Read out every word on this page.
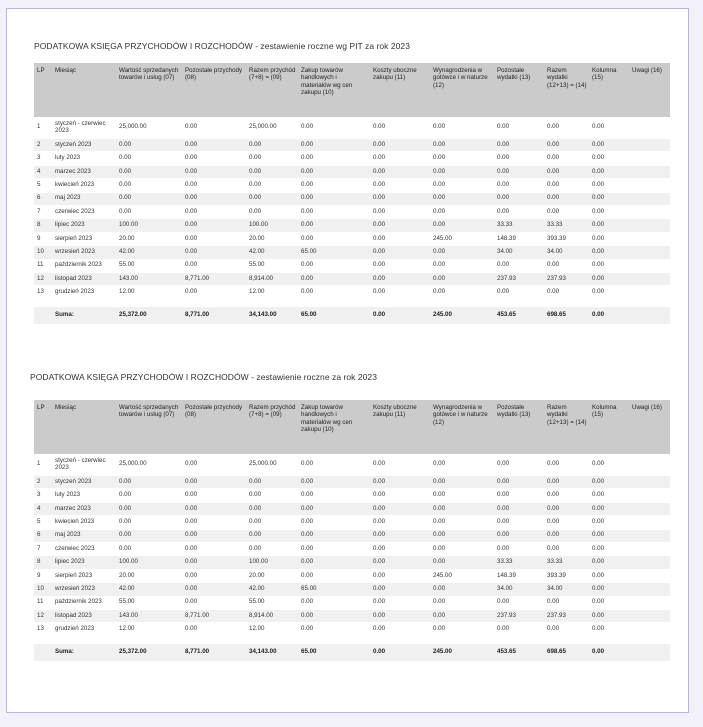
PODATKOWA KSIĘGA PRZYCHODÓW I ROZCHODÓW - zestawienie roczne wg PIT za rok 2023
LP	Miesiąc	Wartość sprzedanych towarów i usług (07)	Pozostałe przychody (08)	Razem przychód (7+8) = (09)	Zakup towarów handlowych i materiałów wg cen zakupu (10)	Koszty uboczne zakupu (11)	Wynagrodzenia w gotówce i w naturze (12)	Pozostałe wydatki (13)	Razem wydatki (12+13) = (14)	Kolumna (15)	Uwagi (16)
1	styczeń - czerwiec 2023	25,000.00	0.00	25,000.00	0.00	0.00	0.00	0.00	0.00	0.00	
2	styczeń 2023	0.00	0.00	0.00	0.00	0.00	0.00	0.00	0.00	0.00	
3	luty 2023	0.00	0.00	0.00	0.00	0.00	0.00	0.00	0.00	0.00	
4	marzec 2023	0.00	0.00	0.00	0.00	0.00	0.00	0.00	0.00	0.00	
5	kwiecień 2023	0.00	0.00	0.00	0.00	0.00	0.00	0.00	0.00	0.00	
6	maj 2023	0.00	0.00	0.00	0.00	0.00	0.00	0.00	0.00	0.00	
7	czerwiec 2023	0.00	0.00	0.00	0.00	0.00	0.00	0.00	0.00	0.00	
8	lipiec 2023	100.00	0.00	100.00	0.00	0.00	0.00	33.33	33.33	0.00	
9	sierpień 2023	20.00	0.00	20.00	0.00	0.00	245.00	148.39	393.39	0.00	
10	wrzesień 2023	42.00	0.00	42.00	65.00	0.00	0.00	34.00	34.00	0.00	
11	październik 2023	55.00	0.00	55.00	0.00	0.00	0.00	0.00	0.00	0.00	
12	listopad 2023	143.00	8,771.00	8,914.00	0.00	0.00	0.00	237.93	237.93	0.00	
13	grudzień 2023	12.00	0.00	12.00	0.00	0.00	0.00	0.00	0.00	0.00	

	Suma:	25,372.00	8,771.00	34,143.00	65.00	0.00	245.00	453.65	698.65	0.00	
PODATKOWA KSIĘGA PRZYCHODÓW I ROZCHODÓW - zestawienie roczne za rok 2023
LP	Miesiąc	Wartość sprzedanych towarów i usług (07)	Pozostałe przychody (08)	Razem przychód (7+8) = (09)	Zakup towarów handlowych i materiałów wg cen zakupu (10)	Koszty uboczne zakupu (11)	Wynagrodzenia w gotówce i w naturze (12)	Pozostałe wydatki (13)	Razem wydatki (12+13) = (14)	Kolumna (15)	Uwagi (16)
1	styczeń - czerwiec 2023	25,000.00	0.00	25,000.00	0.00	0.00	0.00	0.00	0.00	0.00	
2	styczeń 2023	0.00	0.00	0.00	0.00	0.00	0.00	0.00	0.00	0.00	
3	luty 2023	0.00	0.00	0.00	0.00	0.00	0.00	0.00	0.00	0.00	
4	marzec 2023	0.00	0.00	0.00	0.00	0.00	0.00	0.00	0.00	0.00	
5	kwiecień 2023	0.00	0.00	0.00	0.00	0.00	0.00	0.00	0.00	0.00	
6	maj 2023	0.00	0.00	0.00	0.00	0.00	0.00	0.00	0.00	0.00	
7	czerwiec 2023	0.00	0.00	0.00	0.00	0.00	0.00	0.00	0.00	0.00	
8	lipiec 2023	100.00	0.00	100.00	0.00	0.00	0.00	33.33	33.33	0.00	
9	sierpień 2023	20.00	0.00	20.00	0.00	0.00	245.00	148.39	393.39	0.00	
10	wrzesień 2023	42.00	0.00	42.00	65.00	0.00	0.00	34.00	34.00	0.00	
11	październik 2023	55.00	0.00	55.00	0.00	0.00	0.00	0.00	0.00	0.00	
12	listopad 2023	143.00	8,771.00	8,914.00	0.00	0.00	0.00	237.93	237.93	0.00	
13	grudzień 2023	12.00	0.00	12.00	0.00	0.00	0.00	0.00	0.00	0.00	

	Suma:	25,372.00	8,771.00	34,143.00	65.00	0.00	245.00	453.65	698.65	0.00	
